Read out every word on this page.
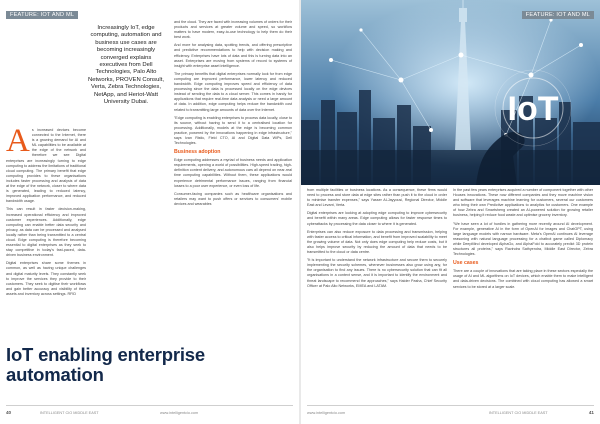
FEATURE: IOT AND ML
Increasingly IoT, edge computing, automation and business use cases are becoming increasingly converged explains executives from Dell Technologies, Palo Alto Networks, PROVEN Consult, Verta, Zebra Technologies, NetApp, and Heriot-Watt University Dubai.

As increased devices become connected to the Internet, there is a growing demand for AI and ML capabilities to be available at the edge of the network and therefore we see Digital enterprises are increasingly turning to edge computing to address the limitations of traditional cloud computing. The primary benefit that edge computing provides to these organisations includes faster processing and analysis of data at the edge of the network, closer to where data is generated, leading to reduced latency, improved application performance, and reduced bandwidth usage.

This can result in faster decision-making, increased operational efficiency and improved customer experiences. Additionally, edge computing can enable better data security and privacy, as data can be processed and analysed locally rather than being transmitted to a central cloud. Edge computing is therefore becoming essential to digital enterprises as they seek to stay competitive in today's fast-paced, data-driven business environment.

Digital enterprises share some themes in common, as well as having unique challenges and digital maturity levels. They constantly seek to improve the services they provide to their customers. They seek to digitise their workflows and gain better accuracy and visibility of their assets and inventory across settings. RFID

and the cloud. They are faced with increasing volumes of orders for their products and services at greater volume and speed, so workflow matters to have modern, easy-to-use technology to help them do their best work.

And more for analysing data, spotting trends, and offering prescriptive and predictive recommendations to help with decision making and efficiency. Enterprises have lots of data and this is turning data into an asset. Enterprises are moving from systems of record to systems of insight with enterprise asset intelligence.

The primary benefits that digital enterprises normally look for from edge computing are improved performance, lower latency and reduced bandwidth. Edge computing improves speed and efficiency of data processing since the data is processed locally on the edge devices instead of sending the data to a cloud server. This comes in handy for applications that require real-time data analysis or need a large amount of data. In addition, edge computing helps reduce the bandwidth cost related to transmitting large amounts of data over the Internet.

"Edge computing is enabling enterprises to process data locally, close to its source, without having to send it to a centralised location for processing. Additionally, models at the edge is becoming common practice, powered by the innovations happening in edge infrastructure," says Ivan Ristic, Field CTO, AI and Digital Data WiPs, Dell Technologies.

Business adoption

Edge computing addresses a myriad of business needs and application requirements, opening a world of possibilities. High-speed trading, high-definition content delivery, and autonomous cars all depend on near-real time computing capabilities. Without them, these applications would experience detrimental performance issues, ranging from financial losses to a poor user experience, or even loss of life.

Consumer-facing companies such as healthcare organisations and retailers may want to push offers or services to consumers' mobile devices and wearables

IoT enabling enterprise automation
40	INTELLIGENT CIO MIDDLE EAST	www.intelligentcio.com
IoT
FEATURE: IOT AND ML

from multiple facilities or business locations. As a consequence, these firms would need to process and store data at edge sites rather than push it to the cloud in order to minimise transfer expenses," says Yasser Al-Jayyousi, Regional Director, Middle East and Levant, Verta.

Digital enterprises are looking at adopting edge computing to improve cybersecurity and benefit within many areas. Edge computing allows for faster response times to cyberattacks by processing the data closer to where it is generated.

Enterprises can also reduce exposure to data processing and transmission, helping with faster access to critical information, and benefit from improved scalability to meet the growing volume of data. Not only does edge computing help reduce costs, but it also helps improve security by reducing the amount of data that needs to be transmitted to the cloud or data centre.

"It is important to understand the network infrastructure and secure them to securely implementing the security schemes, whenever businesses also grow using any, for the organisation to find any issues. There is no cybersecurity solution that can fit all organisations in a context sense, and it is important to identify the environment and threat landscape to recommend the approaches," says Haider Pasha, Chief Security Officer at Palo Alto Networks, EMEA and LATAM.

In the past few years enterprises acquired a number of component together with other Houses innovations. These now different companies and they move machine vision and software that leverages machine learning for customers, several our customers who bring their own Predictive applications to analytics for customers. One example of how Zebra and Smartsheng created an AI-powered solution for growing retailer business, helping it reduce food waste and optimise grocery inventory.

"We have seen a lot of hurdles in gathering more recently around AI development. For example, generative AI in the form of OpenAI for images and ChatGPT, using large language models with narrow hardware. Meta's OpenAI continues AI leverage reasoning with natural language processing for a chatbot game called Diplomacy while DeepMind developed AlphaGo, and AlphaFold to accurately predict 3D protein structures all proteins," says Ravindra Sathyendra, Middle East Director, Zebra Technologies.

Use cases

There are a couple of innovations that are taking place in these sectors especially the usage of AI and ML algorithms on IoT devices, which enable them to make intelligent and data-driven decisions. The combined with cloud computing has allowed a smart services to be stored at a larger scale.

www.intelligentcio.com	INTELLIGENT CIO MIDDLE EAST	41
